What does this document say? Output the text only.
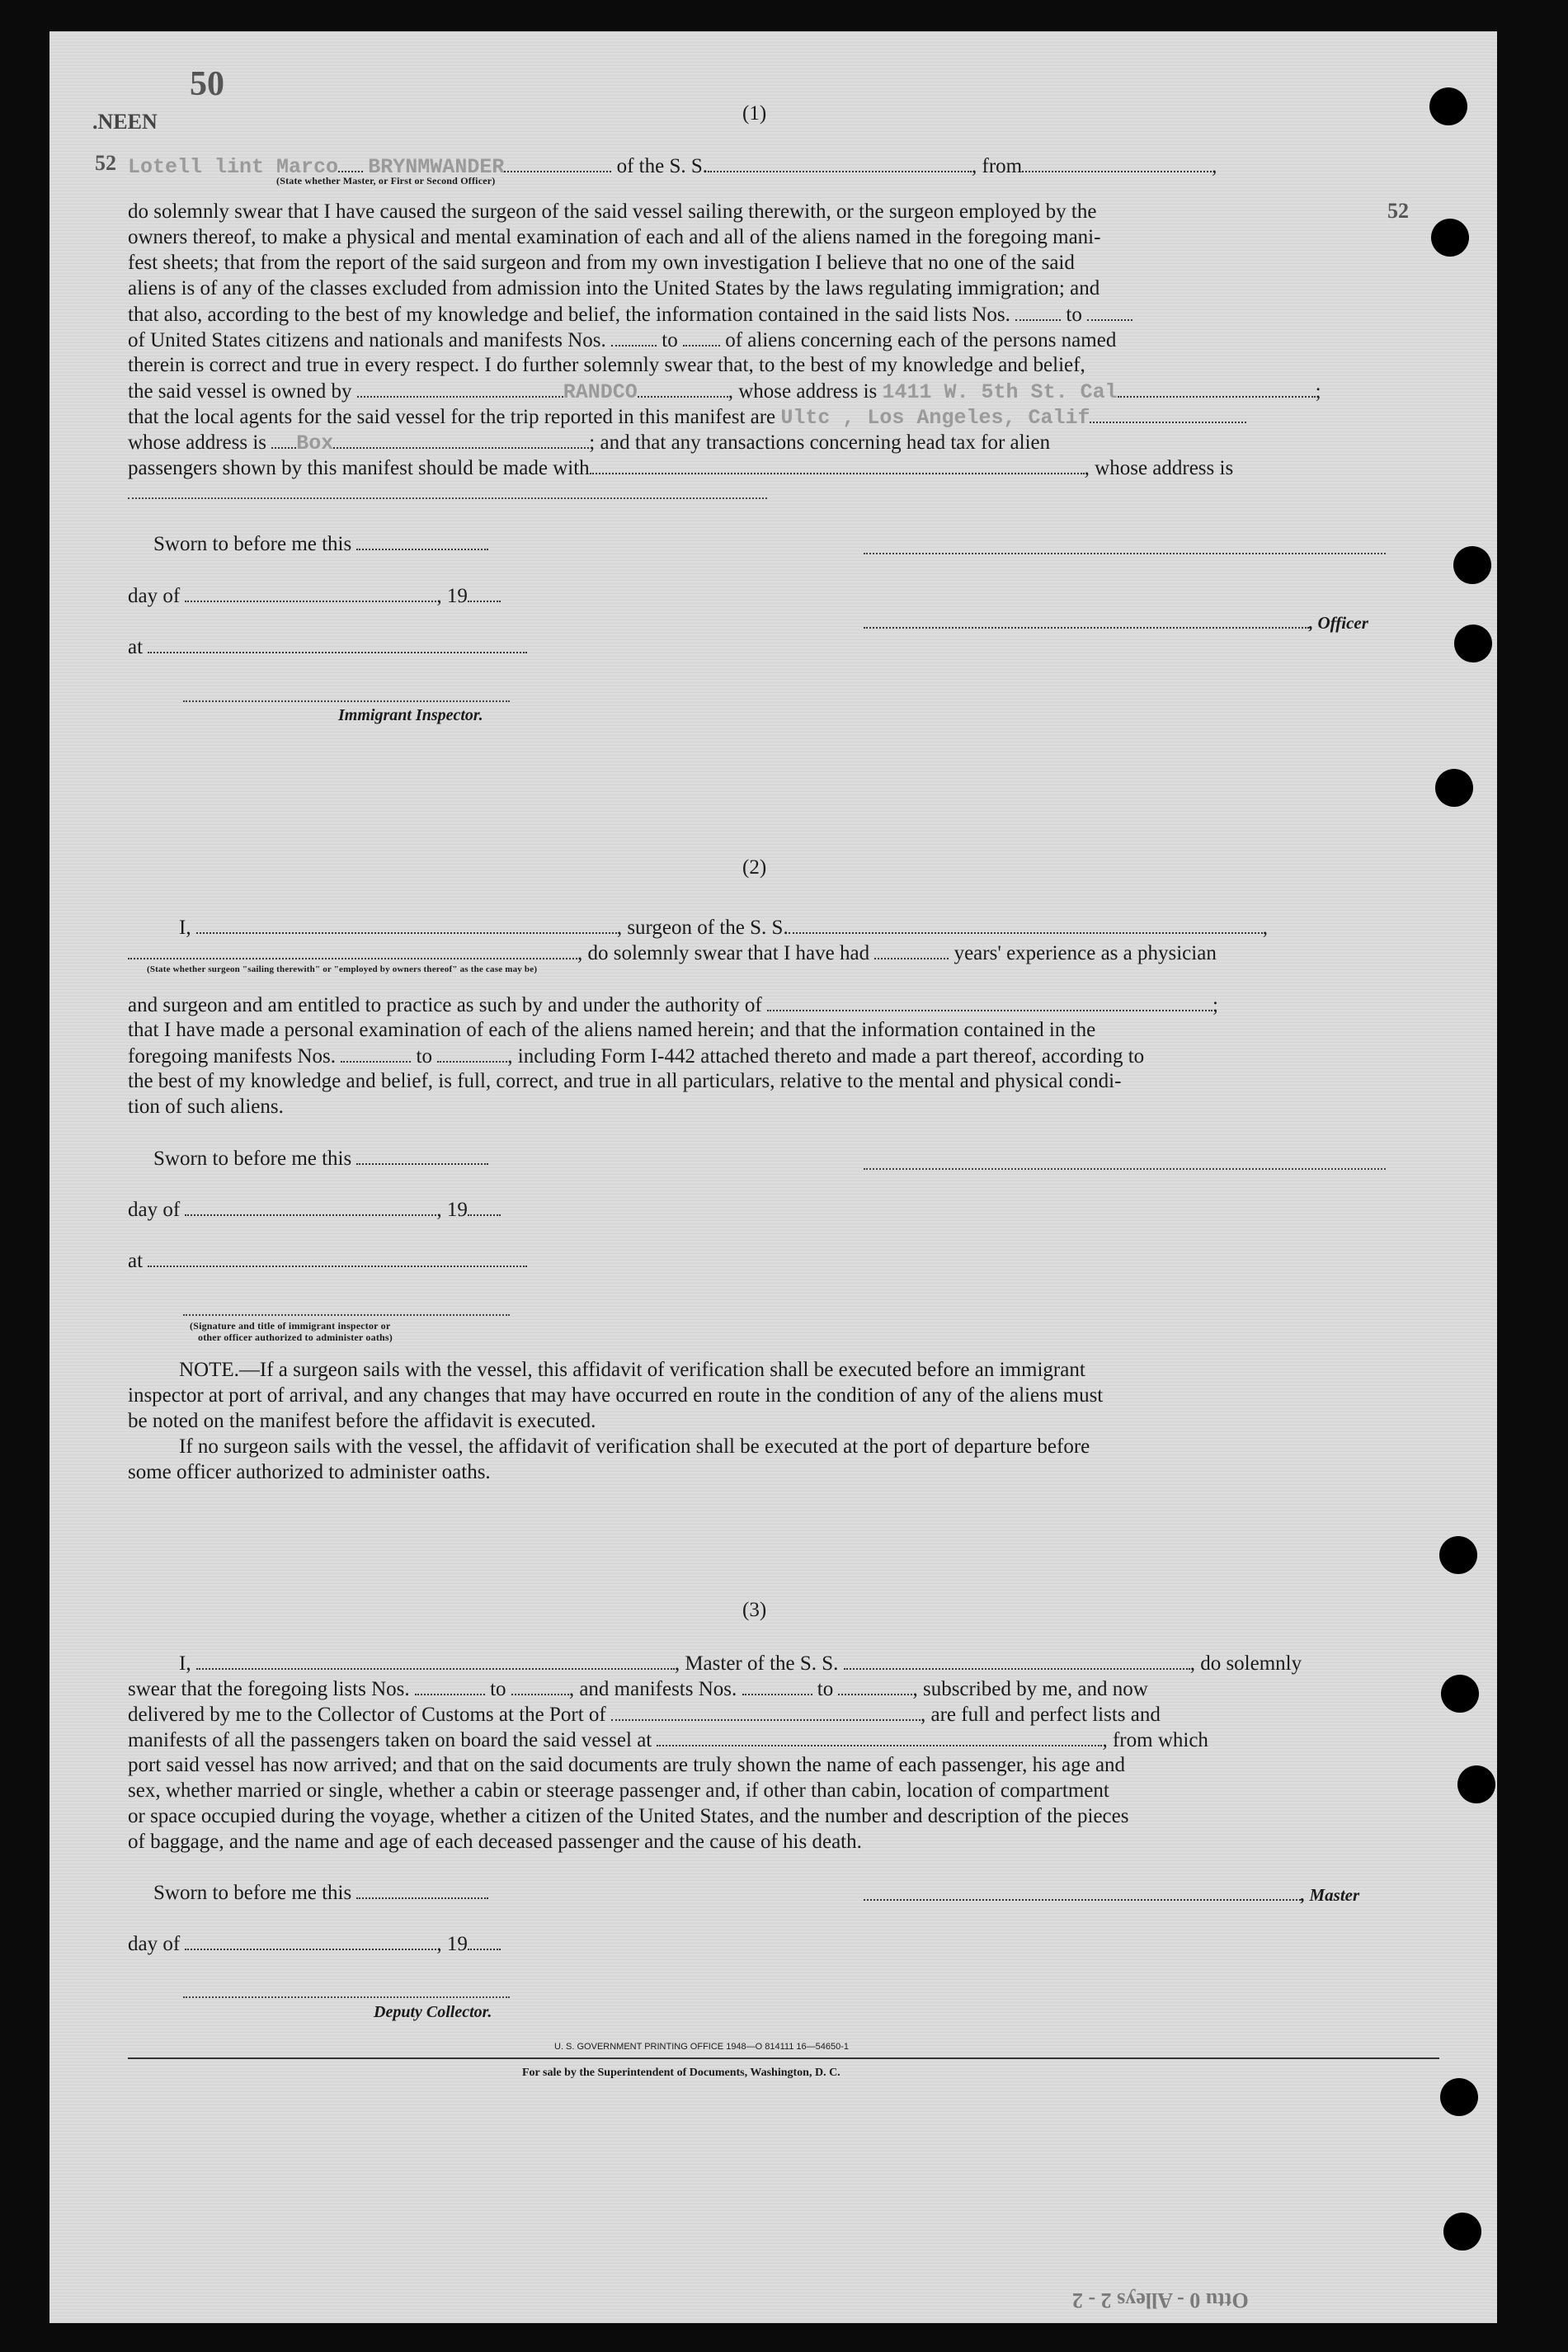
50
.NEEN
52
52
(1)
Lotell lint Marco BRYNMWANDER	of the S. S.	, from	,
(State whether Master, or First or Second Officer)
do solemnly swear that I have caused the surgeon of the said vessel sailing therewith, or the surgeon employed by the
owners thereof, to make a physical and mental examination of each and all of the aliens named in the foregoing mani-
fest sheets; that from the report of the said surgeon and from my own investigation I believe that no one of the said
aliens is of any of the classes excluded from admission into the United States by the laws regulating immigration; and
that also, according to the best of my knowledge and belief, the information contained in the said lists Nos.	to
of United States citizens and nationals and manifests Nos.	to of aliens concerning each of the persons named
therein is correct and true in every respect. I do further solemnly swear that, to the best of my knowledge and belief,
the said vessel is owned by	RANDCO	, whose address is 1411 W. 5th St. Cal	;
that the local agents for the said vessel for the trip reported in this manifest are Ultc , Los Angeles, Calif
whose address is Box	; and that any transactions concerning head tax for alien
passengers shown by this manifest should be made with	, whose address is
Sworn to before me this
day of	, 19
, Officer
at
Immigrant Inspector.
(2)
I,	, surgeon of the S. S.	,
, do solemnly swear that I have had	years' experience as a physician
(State whether surgeon "sailing therewith" or "employed by owners thereof" as the case may be)
and surgeon and am entitled to practice as such by and under the authority of	;
that I have made a personal examination of each of the aliens named herein; and that the information contained in the
foregoing manifests Nos.	to	, including Form I-442 attached thereto and made a part thereof, according to
the best of my knowledge and belief, is full, correct, and true in all particulars, relative to the mental and physical condi-
tion of such aliens.
Sworn to before me this
day of	, 19
at
(Signature and title of immigrant inspector or
other officer authorized to administer oaths)
NOTE.—If a surgeon sails with the vessel, this affidavit of verification shall be executed before an immigrant
inspector at port of arrival, and any changes that may have occurred en route in the condition of any of the aliens must
be noted on the manifest before the affidavit is executed.
If no surgeon sails with the vessel, the affidavit of verification shall be executed at the port of departure before
some officer authorized to administer oaths.
(3)
I,	, Master of the S. S.	, do solemnly
swear that the foregoing lists Nos.	to	, and manifests Nos.	to	, subscribed by me, and now
delivered by me to the Collector of Customs at the Port of	, are full and perfect lists and
manifests of all the passengers taken on board the said vessel at	, from which
port said vessel has now arrived; and that on the said documents are truly shown the name of each passenger, his age and
sex, whether married or single, whether a cabin or steerage passenger and, if other than cabin, location of compartment
or space occupied during the voyage, whether a citizen of the United States, and the number and description of the pieces
of baggage, and the name and age of each deceased passenger and the cause of his death.
Sworn to before me this	, Master
day of	, 19
Deputy Collector.
U. S. GOVERNMENT PRINTING OFFICE 1948—O 814111 16—54650-1
For sale by the Superintendent of Documents, Washington, D. C.
Ottu 0 - Alleys 2 - 2
